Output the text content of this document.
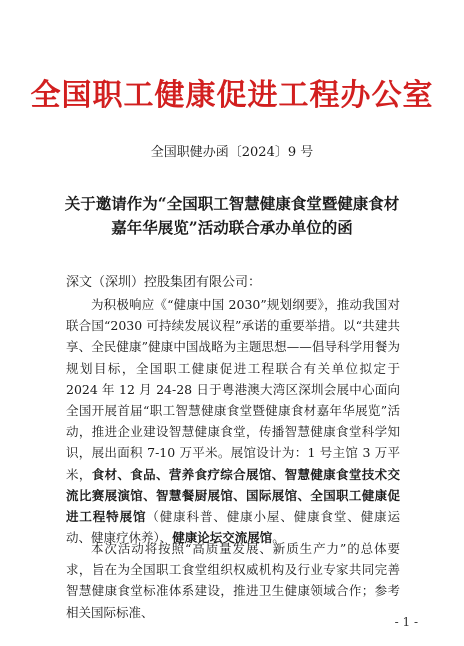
全国职工健康促进工程办公室
全国职健办函〔2024〕9 号
关于邀请作为“全国职工智慧健康食堂暨健康食材
嘉年华展览”活动联合承办单位的函
深文（深圳）控股集团有限公司：

为积极响应《“健康中国 2030”规划纲要》，推动我国对联合国“2030 可持续发展议程”承诺的重要举措。以“共建共享、全民健康”健康中国战略为主题思想——倡导科学用餐为规划目标，全国职工健康促进工程联合有关单位拟定于 2024 年 12 月 24-28 日于粤港澳大湾区深圳会展中心面向全国开展首届“职工智慧健康食堂暨健康食材嘉年华展览”活动，推进企业建设智慧健康食堂，传播智慧健康食堂科学知识，展出面积 7-10 万平米。展馆设计为：1 号主馆 3 万平米，食材、食品、营养食疗综合展馆、智慧健康食堂技术交流比赛展演馆、智慧餐厨展馆、国际展馆、全国职工健康促进工程特展馆（健康科普、健康小屋、健康食堂、健康运动、健康疗休养）、健康论坛交流展馆。

本次活动将按照“高质量发展、新质生产力”的总体要求，旨在为全国职工食堂组织权威机构及行业专家共同完善智慧健康食堂标准体系建设，推进卫生健康领域合作；参考相关国际标准、

- 1 -
